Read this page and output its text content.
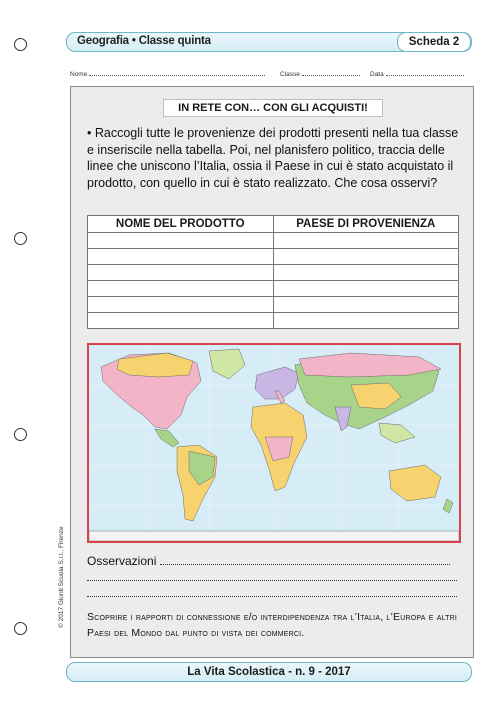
Geografia • Classe quinta	Scheda 2
Nome	Classe	Data
IN RETE CON… CON GLI ACQUISTI!
• Raccogli tutte le provenienze dei prodotti presenti nella tua classe e inseriscile nella tabella. Poi, nel planisfero politico, traccia delle linee che uniscono l’Italia, ossia il Paese in cui è stato acquistato il prodotto, con quello in cui è stato realizzato. Che cosa osservi?
NOME DEL PRODOTTO	PAESE DI PROVENIENZA

Osservazioni
Scoprire i rapporti di connessione e/o interdipendenza tra l’Italia, l’Europa e altri Paesi del Mondo dal punto di vista dei commerci.
© 2017 Giunti Scuola S.r.l., Firenze
La Vita Scolastica - n. 9 - 2017
